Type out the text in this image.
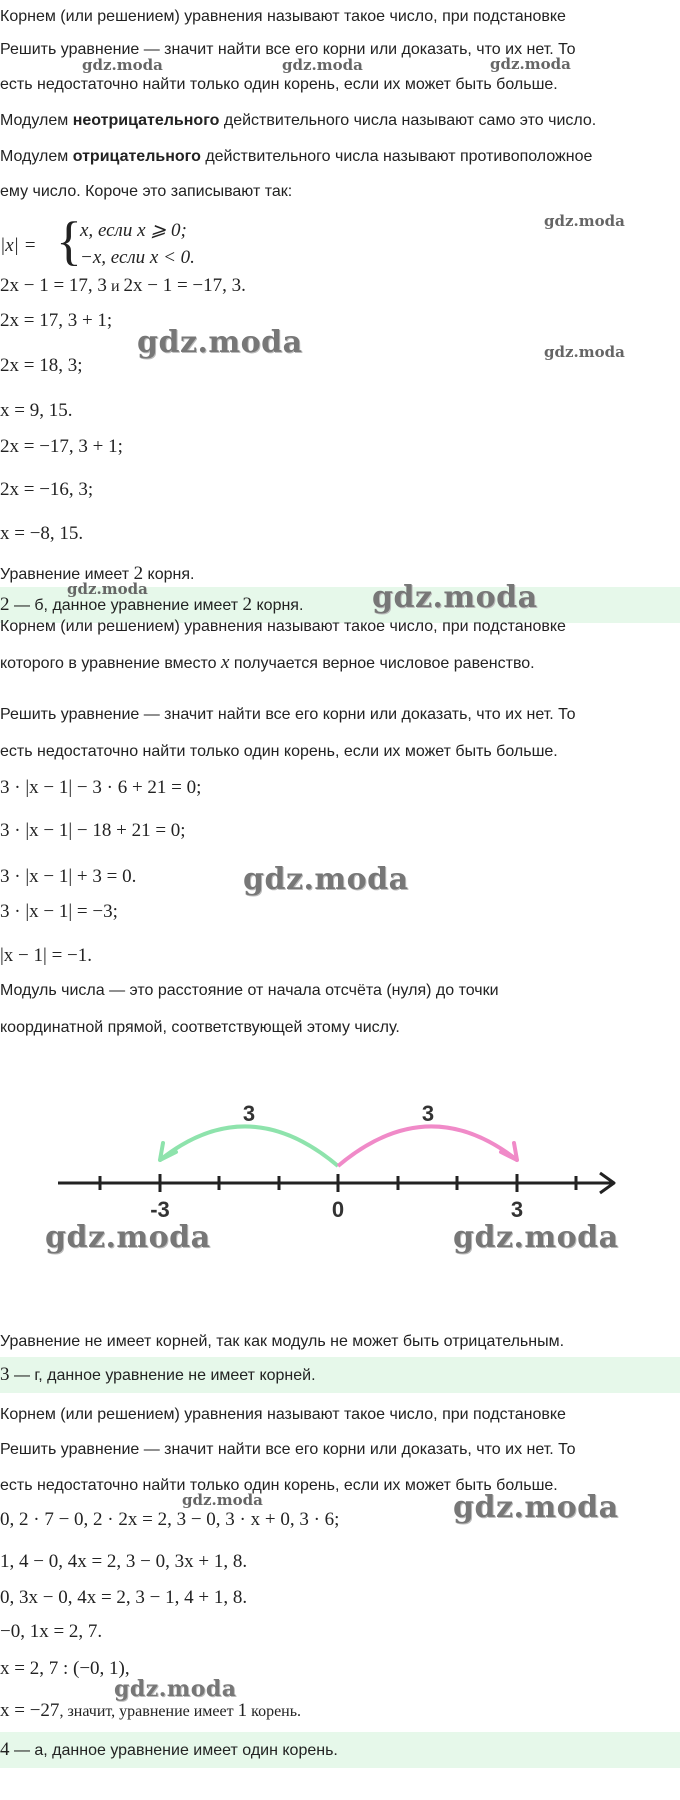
Корнем (или решением) уравнения называют такое число, при подстановке
Решить уравнение — значит найти все его корни или доказать, что их нет. То
есть недостаточно найти только один корень, если их может быть больше.
Модулем неотрицательного действительного числа называют само это число.
Модулем отрицательного действительного числа называют противоположное
ему число. Короче это записывают так:
|x| = {
x, если x ⩾ 0;
−x, если x < 0.
2x − 1 = 17, 3 и 2x − 1 = −17, 3.
2x = 17, 3 + 1;
2x = 18, 3;
x = 9, 15.
2x = −17, 3 + 1;
2x = −16, 3;
x = −8, 15.
Уравнение имеет 2 корня.
2 — б, данное уравнение имеет 2 корня.
Корнем (или решением) уравнения называют такое число, при подстановке
которого в уравнение вместо x получается верное числовое равенство.
Решить уравнение — значит найти все его корни или доказать, что их нет. То
есть недостаточно найти только один корень, если их может быть больше.
3 · |x − 1| − 3 · 6 + 21 = 0;
3 · |x − 1| − 18 + 21 = 0;
3 · |x − 1| + 3 = 0.
3 · |x − 1| = −3;
|x − 1| = −1.
Модуль числа — это расстояние от начала отсчёта (нуля) до точки
координатной прямой, соответствующей этому числу.
3	3
-3	0	3
Уравнение не имеет корней, так как модуль не может быть отрицательным.
3 — г, данное уравнение не имеет корней.
Корнем (или решением) уравнения называют такое число, при подстановке
Решить уравнение — значит найти все его корни или доказать, что их нет. То
есть недостаточно найти только один корень, если их может быть больше.
0, 2 · 7 − 0, 2 · 2x = 2, 3 − 0, 3 · x + 0, 3 · 6;
1, 4 − 0, 4x = 2, 3 − 0, 3x + 1, 8.
0, 3x − 0, 4x = 2, 3 − 1, 4 + 1, 8.
−0, 1x = 2, 7.
x = 2, 7 : (−0, 1),
x = −27, значит, уравнение имеет 1 корень.
4 — а, данное уравнение имеет один корень.
gdz.moda	gdz.moda	gdz.moda
gdz.moda
gdz.moda	gdz.moda
gdz.moda	gdz.moda
gdz.moda
gdz.moda	gdz.moda
gdz.moda	gdz.moda
gdz.moda
